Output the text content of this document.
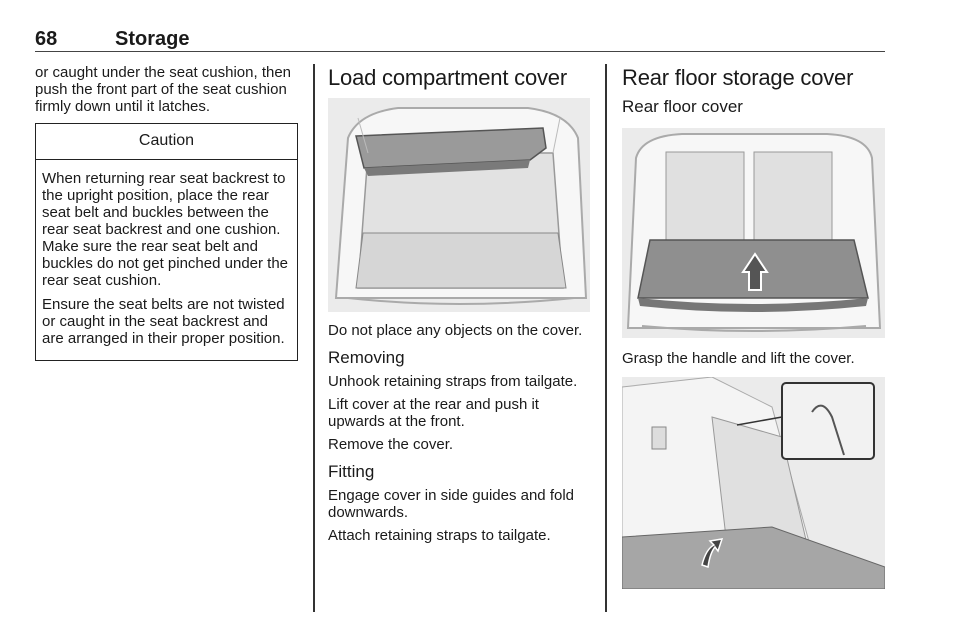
68	Storage

or caught under the seat cushion, then push the front part of the seat cushion firmly down until it latches.

Caution

When returning rear seat backrest to the upright position, place the rear seat belt and buckles between the rear seat backrest and one cushion. Make sure the rear seat belt and buckles do not get pinched under the rear seat cushion.

Ensure the seat belts are not twisted or caught in the seat backrest and are arranged in their proper position.

Load compartment cover

Do not place any objects on the cover.

Removing

Unhook retaining straps from tailgate.

Lift cover at the rear and push it upwards at the front.

Remove the cover.

Fitting

Engage cover in side guides and fold downwards.

Attach retaining straps to tailgate.

Rear floor storage cover
Rear floor cover

Grasp the handle and lift the cover.
